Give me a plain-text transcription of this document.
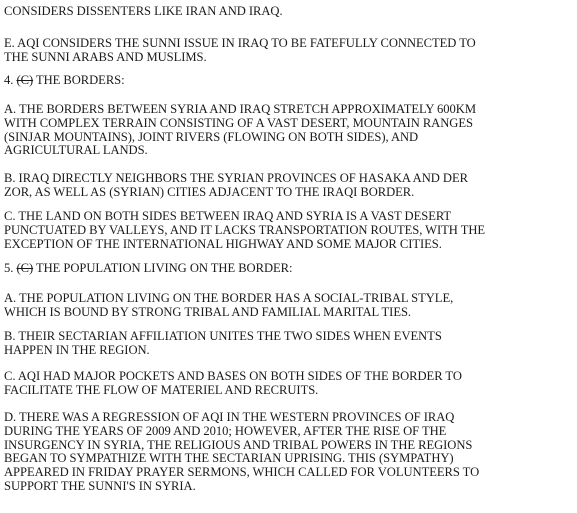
CONSIDERS DISSENTERS LIKE IRAN AND IRAQ.

E. AQI CONSIDERS THE SUNNI ISSUE IN IRAQ TO BE FATEFULLY CONNECTED TO
THE SUNNI ARABS AND MUSLIMS.

4. (C) THE BORDERS:

A. THE BORDERS BETWEEN SYRIA AND IRAQ STRETCH APPROXIMATELY 600KM
WITH COMPLEX TERRAIN CONSISTING OF A VAST DESERT, MOUNTAIN RANGES
(SINJAR MOUNTAINS), JOINT RIVERS (FLOWING ON BOTH SIDES), AND
AGRICULTURAL LANDS.

B. IRAQ DIRECTLY NEIGHBORS THE SYRIAN PROVINCES OF HASAKA AND DER
ZOR, AS WELL AS (SYRIAN) CITIES ADJACENT TO THE IRAQI BORDER.

C. THE LAND ON BOTH SIDES BETWEEN IRAQ AND SYRIA IS A VAST DESERT
PUNCTUATED BY VALLEYS, AND IT LACKS TRANSPORTATION ROUTES, WITH THE
EXCEPTION OF THE INTERNATIONAL HIGHWAY AND SOME MAJOR CITIES.

5. (C) THE POPULATION LIVING ON THE BORDER:

A. THE POPULATION LIVING ON THE BORDER HAS A SOCIAL-TRIBAL STYLE,
WHICH IS BOUND BY STRONG TRIBAL AND FAMILIAL MARITAL TIES.

B. THEIR SECTARIAN AFFILIATION UNITES THE TWO SIDES WHEN EVENTS
HAPPEN IN THE REGION.

C. AQI HAD MAJOR POCKETS AND BASES ON BOTH SIDES OF THE BORDER TO
FACILITATE THE FLOW OF MATERIEL AND RECRUITS.

D. THERE WAS A REGRESSION OF AQI IN THE WESTERN PROVINCES OF IRAQ
DURING THE YEARS OF 2009 AND 2010; HOWEVER, AFTER THE RISE OF THE
INSURGENCY IN SYRIA, THE RELIGIOUS AND TRIBAL POWERS IN THE REGIONS
BEGAN TO SYMPATHIZE WITH THE SECTARIAN UPRISING. THIS (SYMPATHY)
APPEARED IN FRIDAY PRAYER SERMONS, WHICH CALLED FOR VOLUNTEERS TO
SUPPORT THE SUNNI'S IN SYRIA.
